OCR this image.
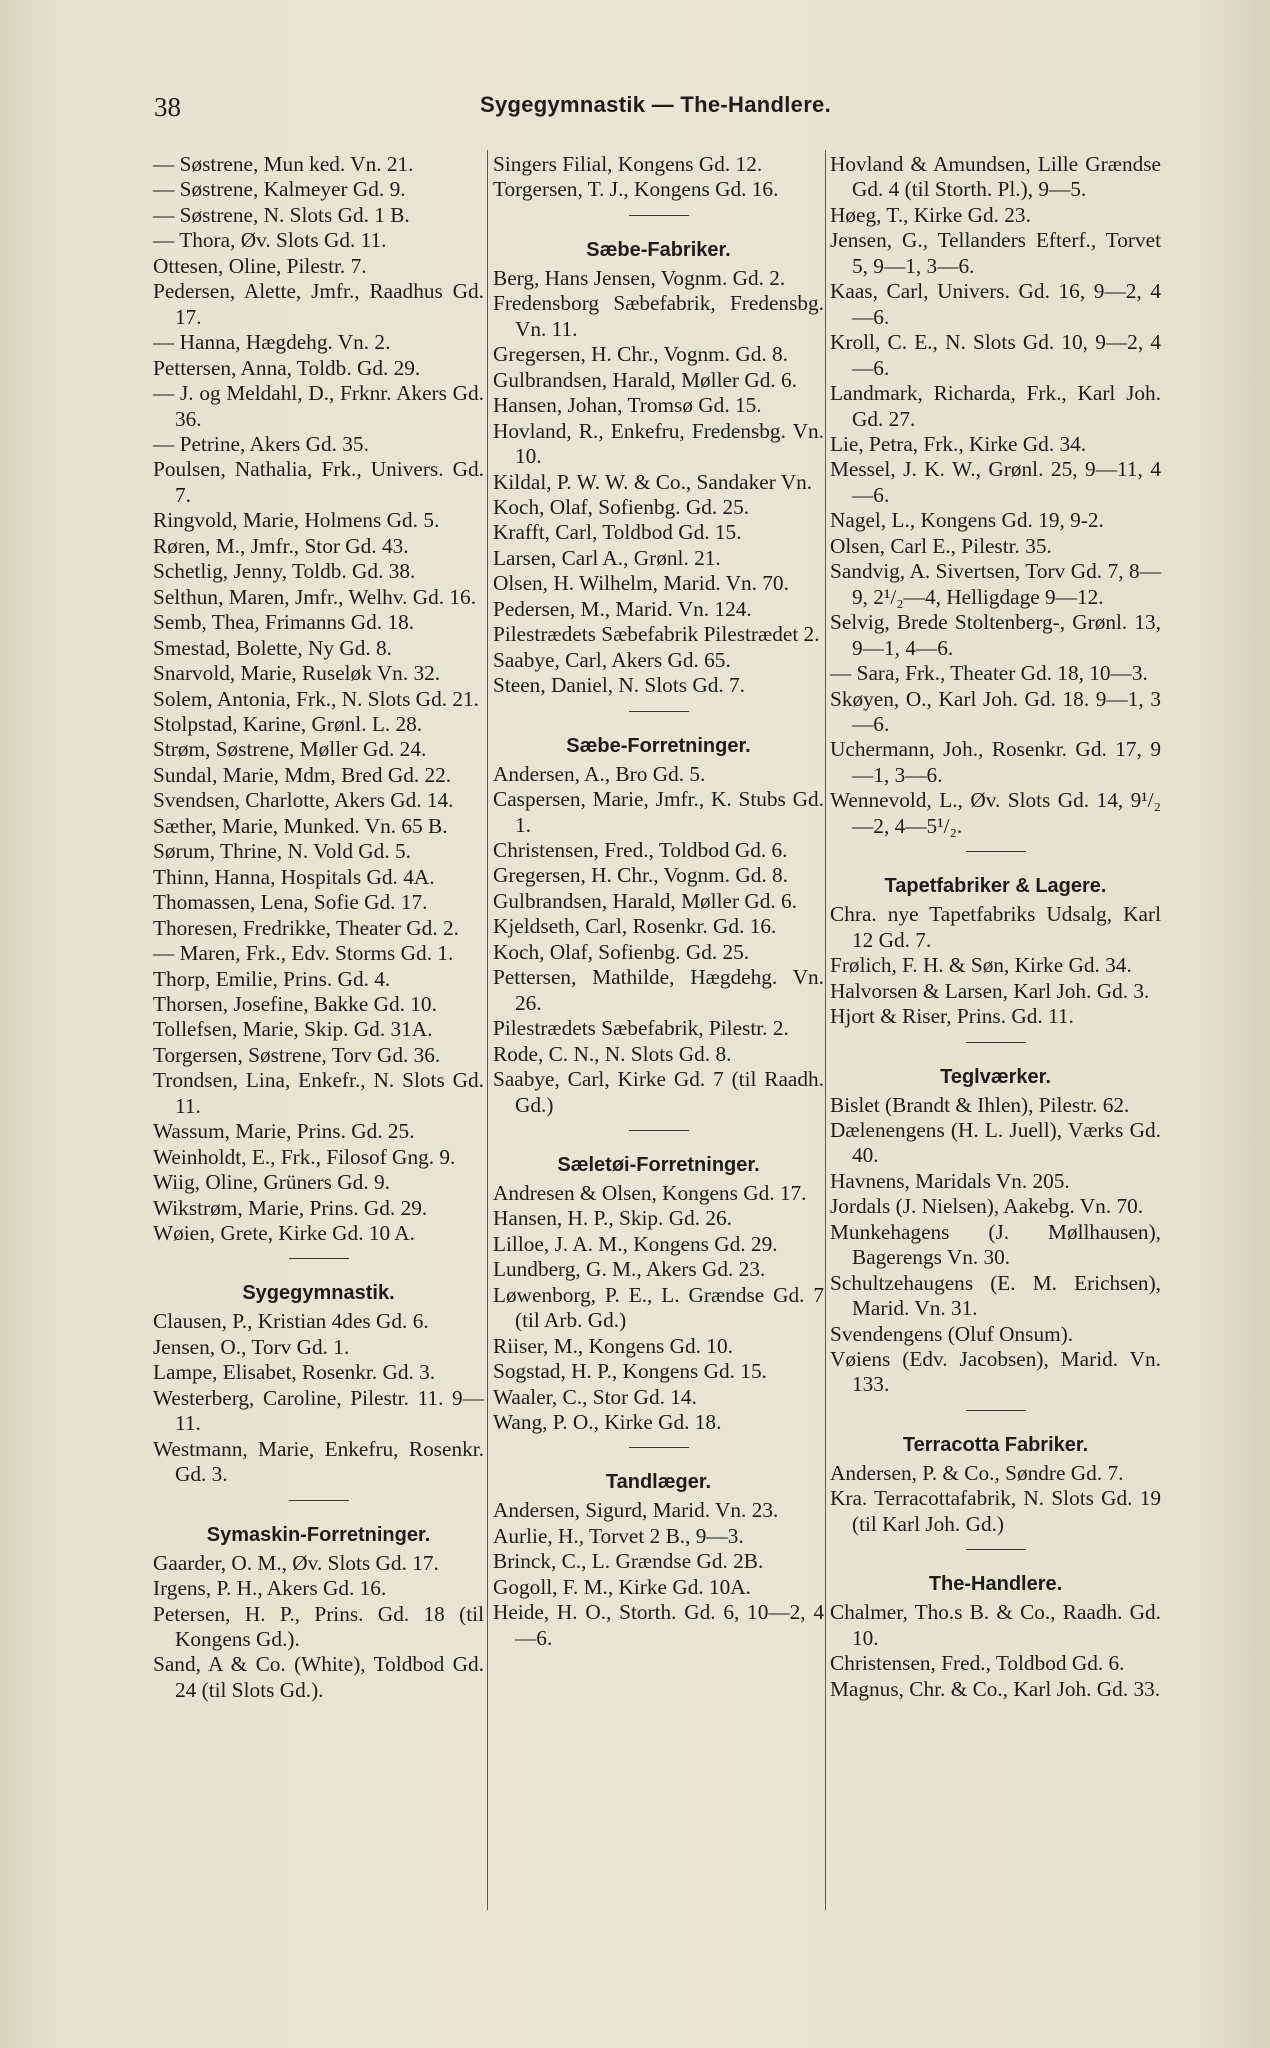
38	Sygegymnastik — The-Handlere.

— Søstrene, Mun ked. Vn. 21.

— Søstrene, Kalmeyer Gd. 9.

— Søstrene, N. Slots Gd. 1 B.

— Thora, Øv. Slots Gd. 11.

Ottesen, Oline, Pilestr. 7.

Pedersen, Alette, Jmfr., Raadhus Gd. 17.

— Hanna, Hægdehg. Vn. 2.

Pettersen, Anna, Toldb. Gd. 29.

— J. og Meldahl, D., Frknr. Akers Gd. 36.

— Petrine, Akers Gd. 35.

Poulsen, Nathalia, Frk., Univers. Gd. 7.

Ringvold, Marie, Holmens Gd. 5.

Røren, M., Jmfr., Stor Gd. 43.

Schetlig, Jenny, Toldb. Gd. 38.

Selthun, Maren, Jmfr., Welhv. Gd. 16.

Semb, Thea, Frimanns Gd. 18.

Smestad, Bolette, Ny Gd. 8.

Snarvold, Marie, Ruseløk Vn. 32.

Solem, Antonia, Frk., N. Slots Gd. 21.

Stolpstad, Karine, Grønl. L. 28.

Strøm, Søstrene, Møller Gd. 24.

Sundal, Marie, Mdm, Bred Gd. 22.

Svendsen, Charlotte, Akers Gd. 14.

Sæther, Marie, Munked. Vn. 65 B.

Sørum, Thrine, N. Vold Gd. 5.

Thinn, Hanna, Hospitals Gd. 4A.

Thomassen, Lena, Sofie Gd. 17.

Thoresen, Fredrikke, Theater Gd. 2.

— Maren, Frk., Edv. Storms Gd. 1.

Thorp, Emilie, Prins. Gd. 4.

Thorsen, Josefine, Bakke Gd. 10.

Tollefsen, Marie, Skip. Gd. 31A.

Torgersen, Søstrene, Torv Gd. 36.

Trondsen, Lina, Enkefr., N. Slots Gd. 11.

Wassum, Marie, Prins. Gd. 25.

Weinholdt, E., Frk., Filosof Gng. 9.

Wiig, Oline, Grüners Gd. 9.

Wikstrøm, Marie, Prins. Gd. 29.

Wøien, Grete, Kirke Gd. 10 A.

Sygegymnastik.

Clausen, P., Kristian 4des Gd. 6.

Jensen, O., Torv Gd. 1.

Lampe, Elisabet, Rosenkr. Gd. 3.

Westerberg, Caroline, Pilestr. 11. 9—11.

Westmann, Marie, Enkefru, Rosenkr. Gd. 3.

Symaskin-Forretninger.

Gaarder, O. M., Øv. Slots Gd. 17.

Irgens, P. H., Akers Gd. 16.

Petersen, H. P., Prins. Gd. 18 (til Kongens Gd.).

Sand, A & Co. (White), Toldbod Gd. 24 (til Slots Gd.).

Singers Filial, Kongens Gd. 12.

Torgersen, T. J., Kongens Gd. 16.

Sæbe-Fabriker.

Berg, Hans Jensen, Vognm. Gd. 2.

Fredensborg Sæbefabrik, Fredensbg. Vn. 11.

Gregersen, H. Chr., Vognm. Gd. 8.

Gulbrandsen, Harald, Møller Gd. 6.

Hansen, Johan, Tromsø Gd. 15.

Hovland, R., Enkefru, Fredensbg. Vn. 10.

Kildal, P. W. W. & Co., Sandaker Vn.

Koch, Olaf, Sofienbg. Gd. 25.

Krafft, Carl, Toldbod Gd. 15.

Larsen, Carl A., Grønl. 21.

Olsen, H. Wilhelm, Marid. Vn. 70.

Pedersen, M., Marid. Vn. 124.

Pilestrædets Sæbefabrik Pilestrædet 2.

Saabye, Carl, Akers Gd. 65.

Steen, Daniel, N. Slots Gd. 7.

Sæbe-Forretninger.

Andersen, A., Bro Gd. 5.

Caspersen, Marie, Jmfr., K. Stubs Gd. 1.

Christensen, Fred., Toldbod Gd. 6.

Gregersen, H. Chr., Vognm. Gd. 8.

Gulbrandsen, Harald, Møller Gd. 6.

Kjeldseth, Carl, Rosenkr. Gd. 16.

Koch, Olaf, Sofienbg. Gd. 25.

Pettersen, Mathilde, Hægdehg. Vn. 26.

Pilestrædets Sæbefabrik, Pilestr. 2.

Rode, C. N., N. Slots Gd. 8.

Saabye, Carl, Kirke Gd. 7 (til Raadh. Gd.)

Sæletøi-Forretninger.

Andresen & Olsen, Kongens Gd. 17.

Hansen, H. P., Skip. Gd. 26.

Lilloe, J. A. M., Kongens Gd. 29.

Lundberg, G. M., Akers Gd. 23.

Løwenborg, P. E., L. Grændse Gd. 7 (til Arb. Gd.)

Riiser, M., Kongens Gd. 10.

Sogstad, H. P., Kongens Gd. 15.

Waaler, C., Stor Gd. 14.

Wang, P. O., Kirke Gd. 18.

Tandlæger.

Andersen, Sigurd, Marid. Vn. 23.

Aurlie, H., Torvet 2 B., 9—3.

Brinck, C., L. Grændse Gd. 2B.

Gogoll, F. M., Kirke Gd. 10A.

Heide, H. O., Storth. Gd. 6, 10—2, 4—6.

Hovland & Amundsen, Lille Grændse Gd. 4 (til Storth. Pl.), 9—5.

Høeg, T., Kirke Gd. 23.

Jensen, G., Tellanders Efterf., Torvet 5, 9—1, 3—6.

Kaas, Carl, Univers. Gd. 16, 9—2, 4—6.

Kroll, C. E., N. Slots Gd. 10, 9—2, 4—6.

Landmark, Richarda, Frk., Karl Joh. Gd. 27.

Lie, Petra, Frk., Kirke Gd. 34.

Messel, J. K. W., Grønl. 25, 9—11, 4—6.

Nagel, L., Kongens Gd. 19, 9-2.

Olsen, Carl E., Pilestr. 35.

Sandvig, A. Sivertsen, Torv Gd. 7, 8—9, 2¹/₂—4, Helligdage 9—12.

Selvig, Brede Stoltenberg-, Grønl. 13, 9—1, 4—6.

— Sara, Frk., Theater Gd. 18, 10—3.

Skøyen, O., Karl Joh. Gd. 18. 9—1, 3—6.

Uchermann, Joh., Rosenkr. Gd. 17, 9—1, 3—6.

Wennevold, L., Øv. Slots Gd. 14, 9¹/₂—2, 4—5¹/₂.

Tapetfabriker & Lagere.

Chra. nye Tapetfabriks Udsalg, Karl 12 Gd. 7.

Frølich, F. H. & Søn, Kirke Gd. 34.

Halvorsen & Larsen, Karl Joh. Gd. 3.

Hjort & Riser, Prins. Gd. 11.

Teglværker.

Bislet (Brandt & Ihlen), Pilestr. 62.

Dælenengens (H. L. Juell), Værks Gd. 40.

Havnens, Maridals Vn. 205.

Jordals (J. Nielsen), Aakebg. Vn. 70.

Munkehagens (J. Møllhausen), Bagerengs Vn. 30.

Schultzehaugens (E. M. Erichsen), Marid. Vn. 31.

Svendengens (Oluf Onsum).

Vøiens (Edv. Jacobsen), Marid. Vn. 133.

Terracotta Fabriker.

Andersen, P. & Co., Søndre Gd. 7.

Kra. Terracottafabrik, N. Slots Gd. 19 (til Karl Joh. Gd.)

The-Handlere.

Chalmer, Tho.s B. & Co., Raadh. Gd. 10.

Christensen, Fred., Toldbod Gd. 6.

Magnus, Chr. & Co., Karl Joh. Gd. 33.
